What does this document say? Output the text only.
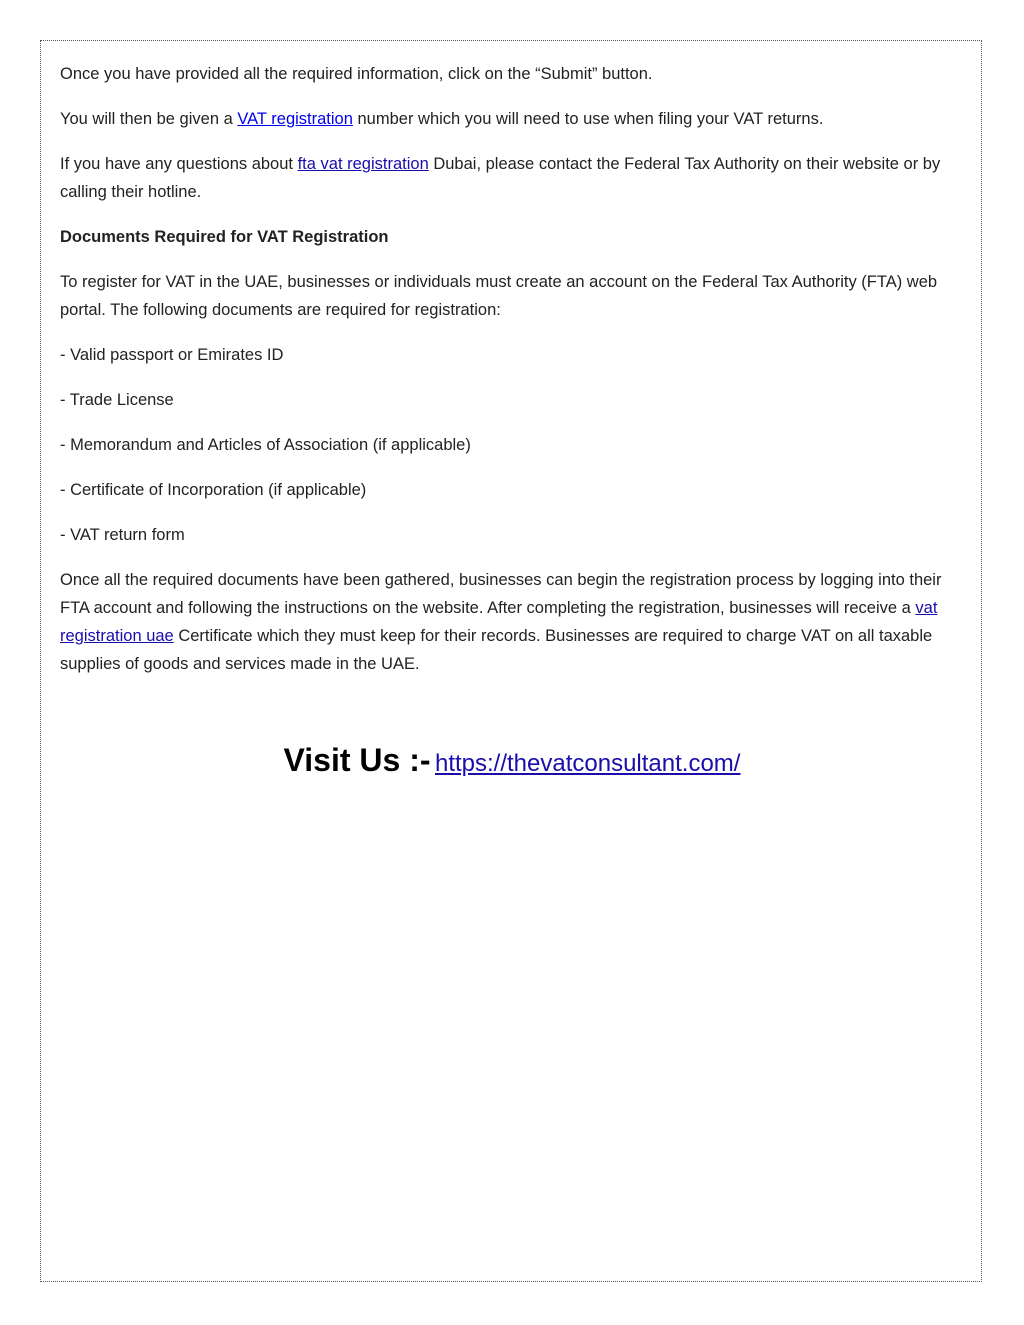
Once you have provided all the required information, click on the “Submit” button.

You will then be given a VAT registration number which you will need to use when filing your VAT returns.

If you have any questions about fta vat registration Dubai, please contact the Federal Tax Authority on their website or by calling their hotline.

Documents Required for VAT Registration

To register for VAT in the UAE, businesses or individuals must create an account on the Federal Tax Authority (FTA) web portal. The following documents are required for registration:

- Valid passport or Emirates ID

- Trade License

- Memorandum and Articles of Association (if applicable)

- Certificate of Incorporation (if applicable)

- VAT return form

Once all the required documents have been gathered, businesses can begin the registration process by logging into their FTA account and following the instructions on the website. After completing the registration, businesses will receive a vat registration uae Certificate which they must keep for their records. Businesses are required to charge VAT on all taxable supplies of goods and services made in the UAE.

Visit Us :- https://thevatconsultant.com/
